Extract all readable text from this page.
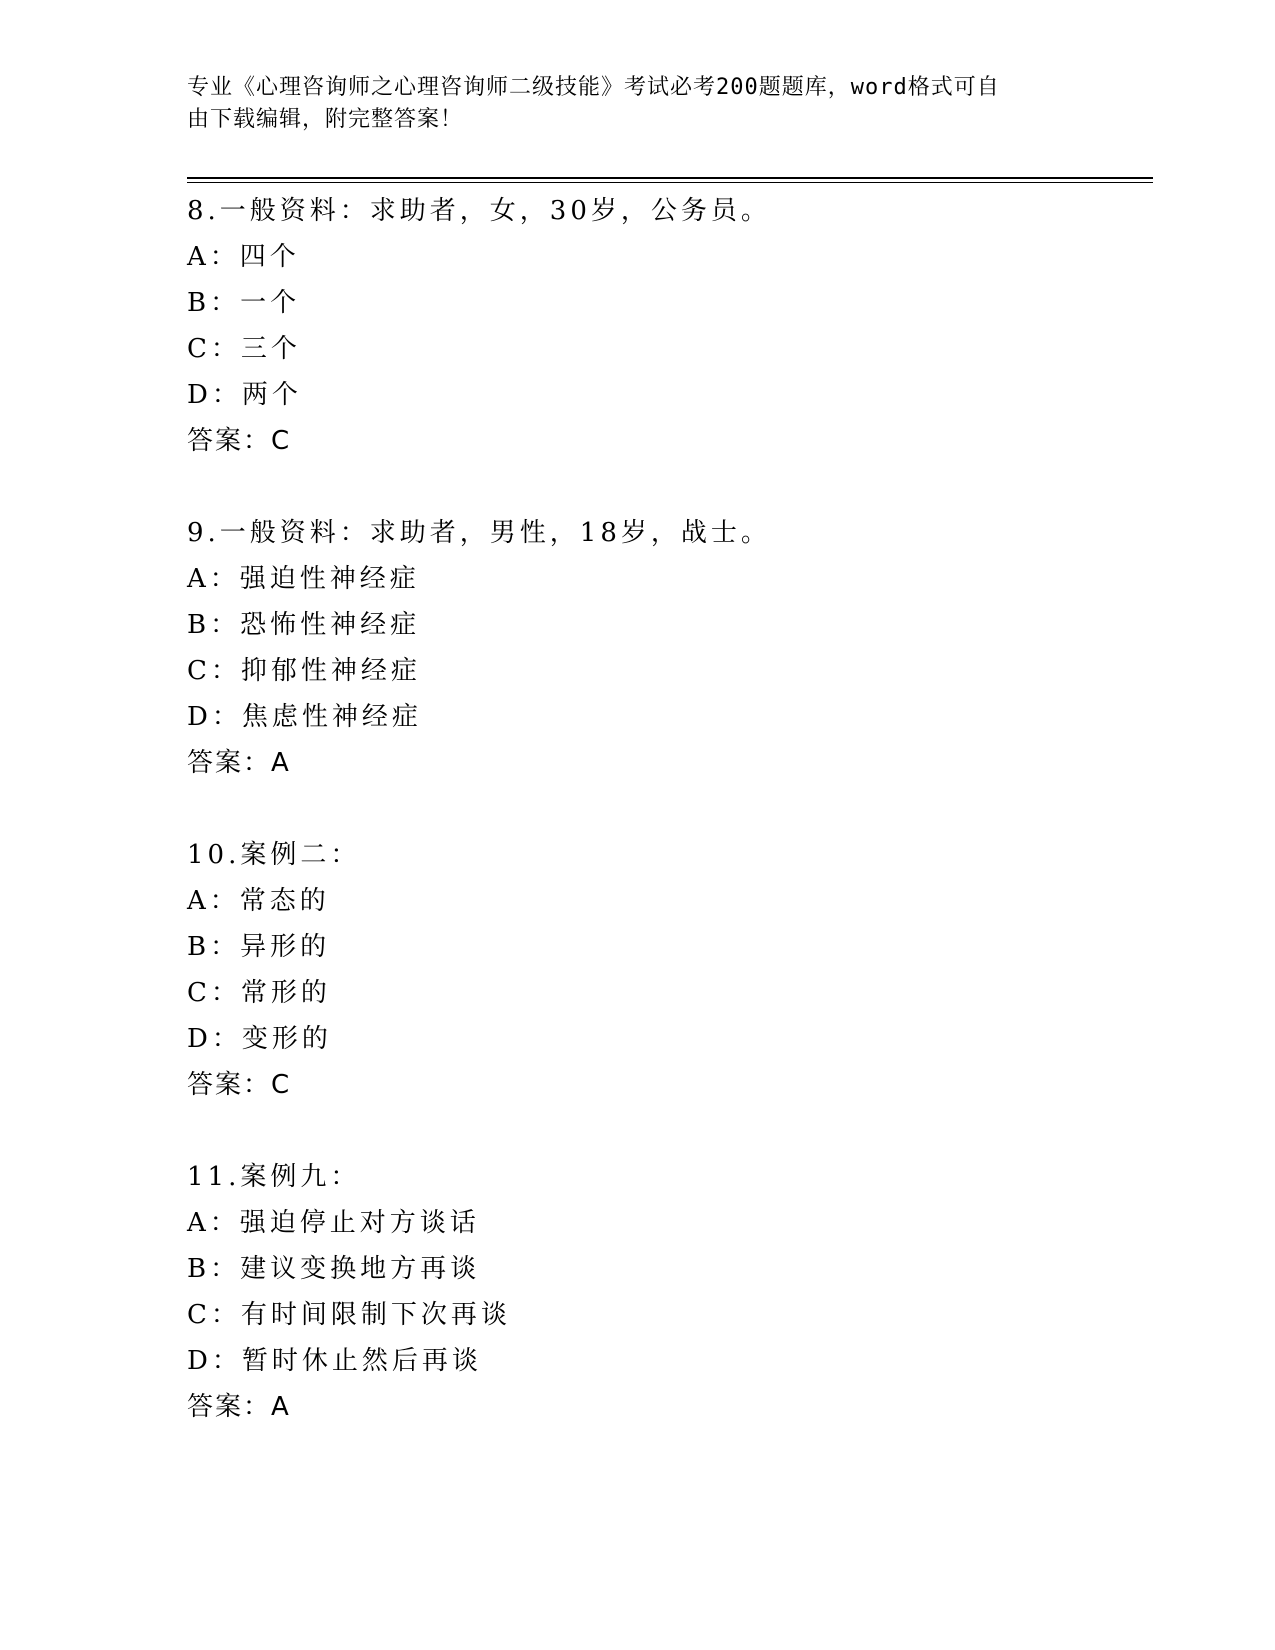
专业《心理咨询师之心理咨询师二级技能》考试必考200题题库，word格式可自
由下载编辑，附完整答案！
8.一般资料：求助者，女，30岁，公务员。
A：四个
B：一个
C：三个
D：两个
答案：C
9.一般资料：求助者，男性，18岁，战士。
A：强迫性神经症
B：恐怖性神经症
C：抑郁性神经症
D：焦虑性神经症
答案：A
10.案例二：
A：常态的
B：异形的
C：常形的
D：变形的
答案：C
11.案例九：
A：强迫停止对方谈话
B：建议变换地方再谈
C：有时间限制下次再谈
D：暂时休止然后再谈
答案：A
